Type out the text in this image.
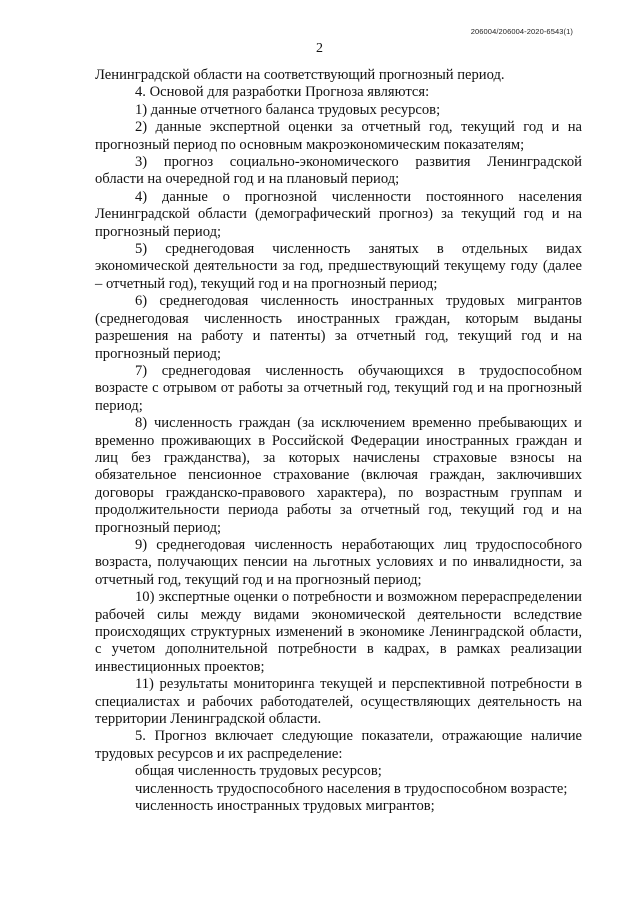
206004/206004-2020-6543(1)
2

Ленинградской области на соответствующий прогнозный период.

4. Основой для разработки Прогноза являются:

1) данные отчетного баланса трудовых ресурсов;

2) данные экспертной оценки за отчетный год, текущий год и на прогнозный период по основным макроэкономическим показателям;

3) прогноз социально-экономического развития Ленинградской области на очередной год и на плановый период;

4) данные о прогнозной численности постоянного населения Ленинградской области (демографический прогноз) за текущий год и на прогнозный период;

5) среднегодовая численность занятых в отдельных видах экономической деятельности за год, предшествующий текущему году (далее – отчетный год), текущий год и на прогнозный период;

6) среднегодовая численность иностранных трудовых мигрантов (среднегодовая численность иностранных граждан, которым выданы разрешения на работу и патенты) за отчетный год, текущий год и на прогнозный период;

7) среднегодовая численность обучающихся в трудоспособном возрасте с отрывом от работы за отчетный год, текущий год и на прогнозный период;

8) численность граждан (за исключением временно пребывающих и временно проживающих в Российской Федерации иностранных граждан и лиц без гражданства), за которых начислены страховые взносы на обязательное пенсионное страхование (включая граждан, заключивших договоры гражданско-правового характера), по возрастным группам и продолжительности периода работы за отчетный год, текущий год и на прогнозный период;

9) среднегодовая численность неработающих лиц трудоспособного возраста, получающих пенсии на льготных условиях и по инвалидности, за отчетный год, текущий год и на прогнозный период;

10) экспертные оценки о потребности и возможном перераспределении рабочей силы между видами экономической деятельности вследствие происходящих структурных изменений в экономике Ленинградской области, с учетом дополнительной потребности в кадрах, в рамках реализации инвестиционных проектов;

11) результаты мониторинга текущей и перспективной потребности в специалистах и рабочих работодателей, осуществляющих деятельность на территории Ленинградской области.

5. Прогноз включает следующие показатели, отражающие наличие трудовых ресурсов и их распределение:

общая численность трудовых ресурсов;

численность трудоспособного населения в трудоспособном возрасте;

численность иностранных трудовых мигрантов;
